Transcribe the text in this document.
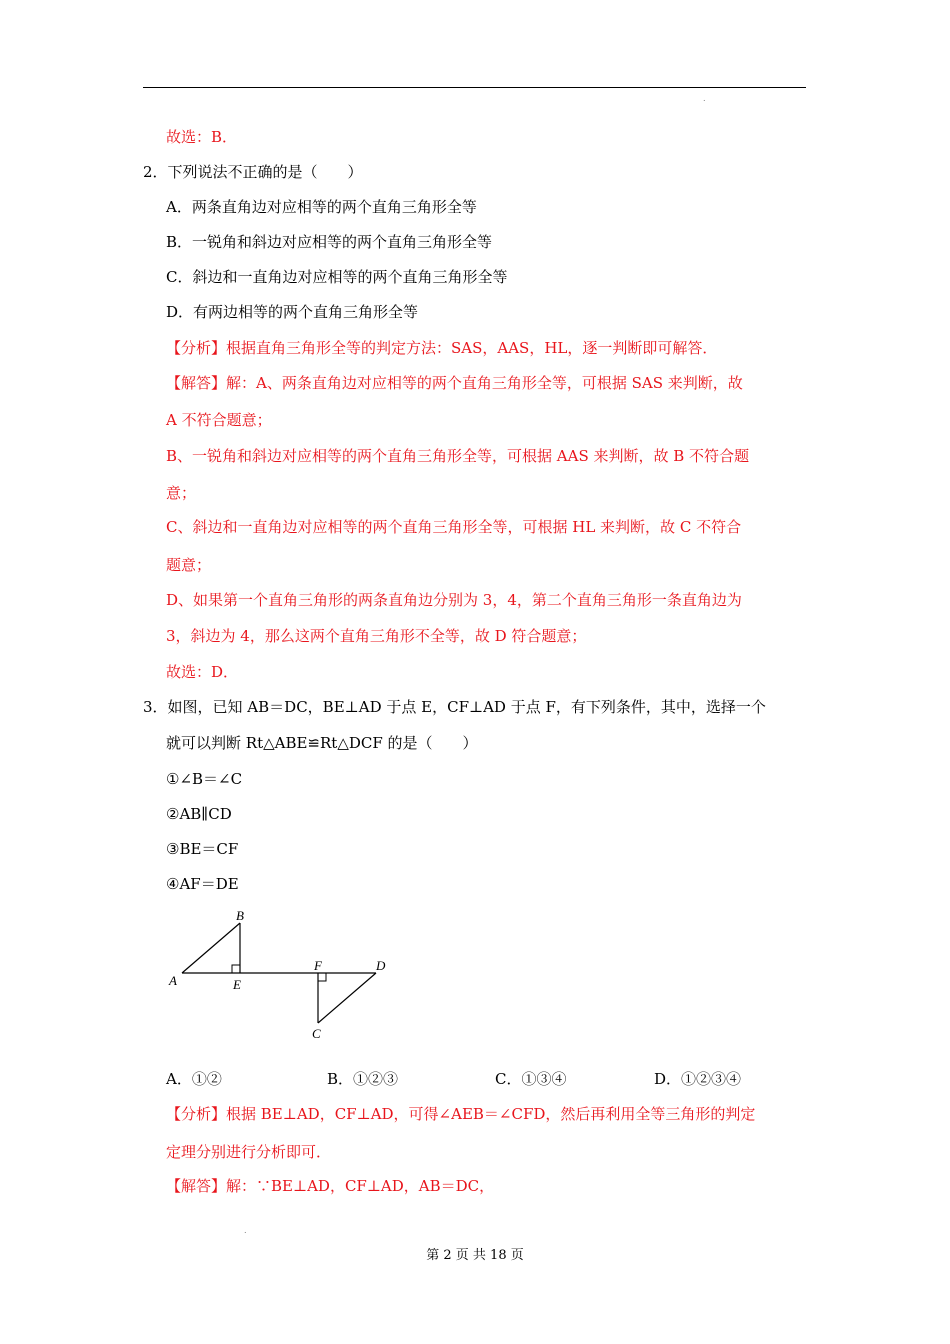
.
故选：B．
2．下列说法不正确的是（　　）
A．两条直角边对应相等的两个直角三角形全等
B．一锐角和斜边对应相等的两个直角三角形全等
C．斜边和一直角边对应相等的两个直角三角形全等
D．有两边相等的两个直角三角形全等
【分析】根据直角三角形全等的判定方法：SAS，AAS，HL，逐一判断即可解答．
【解答】解：A、两条直角边对应相等的两个直角三角形全等，可根据 SAS 来判断，故
A 不符合题意；
B、一锐角和斜边对应相等的两个直角三角形全等，可根据 AAS 来判断，故 B 不符合题
意；
C、斜边和一直角边对应相等的两个直角三角形全等，可根据 HL 来判断，故 C 不符合
题意；
D、如果第一个直角三角形的两条直角边分别为 3，4，第二个直角三角形一条直角边为
3，斜边为 4，那么这两个直角三角形不全等，故 D 符合题意；
故选：D．
3．如图，已知 AB＝DC，BE⊥AD 于点 E，CF⊥AD 于点 F，有下列条件，其中，选择一个
就可以判断 Rt△ABE≌Rt△DCF 的是（　　）
①∠B＝∠C
②AB∥CD
③BE＝CF
④AF＝DE
【分析】根据 BE⊥AD，CF⊥AD，可得∠AEB＝∠CFD，然后再利用全等三角形的判定
定理分别进行分析即可．
【解答】解：∵BE⊥AD，CF⊥AD，AB＝DC，
A．①②	B．①②③	C．①③④	D．①②③④
A
B
E
F	D
C
.
第 2 页 共 18 页
